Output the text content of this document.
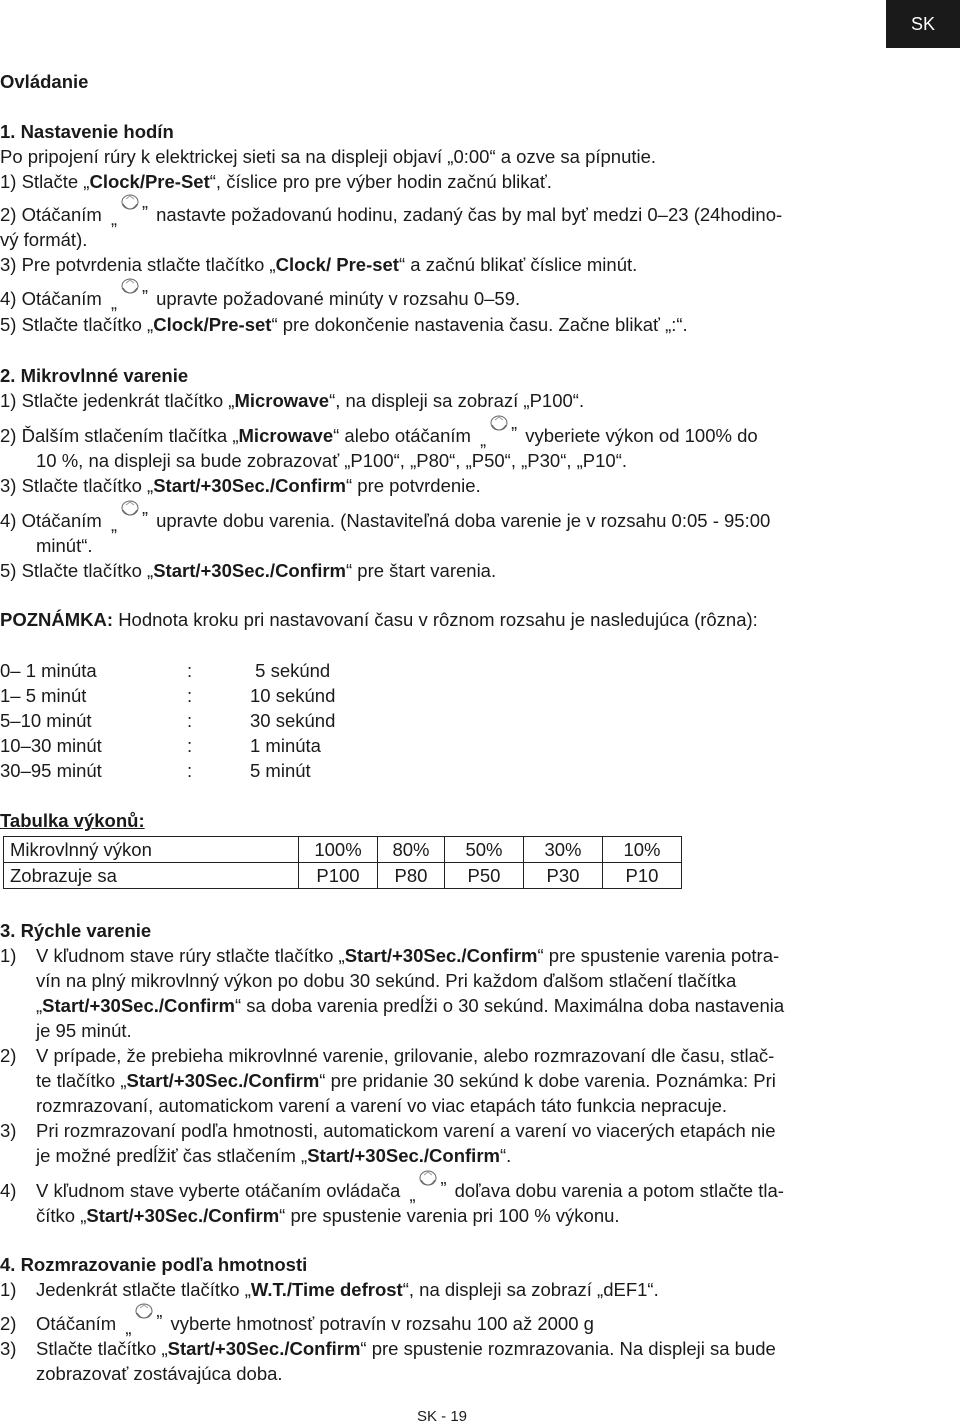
SK
Ovládanie
1. Nastavenie hodín
Po pripojení rúry k elektrickej sieti sa na displeji objaví „0:00“ a ozve sa pípnutie.
1) Stlačte „Clock/Pre-Set“, číslice pro pre výber hodin začnú blikať.
2) Otáčaním „ ” nastavte požadovanú hodinu, zadaný čas by mal byť medzi 0–23 (24hodino-
vý formát).
3) Pre potvrdenia stlačte tlačítko „Clock/ Pre-set“ a začnú blikať číslice minút.
4) Otáčaním „ ” upravte požadované minúty v rozsahu 0–59.
5) Stlačte tlačítko „Clock/Pre-set“ pre dokončenie nastavenia času. Začne blikať „:“.
2. Mikrovlnné varenie
1) Stlačte jedenkrát tlačítko „Microwave“, na displeji sa zobrazí „P100“.
2) Ďalším stlačením tlačítka „Microwave“ alebo otáčaním „ ” vyberiete výkon od 100% do
10 %, na displeji sa bude zobrazovať „P100“, „P80“, „P50“, „P30“, „P10“.
3) Stlačte tlačítko „Start/+30Sec./Confirm“ pre potvrdenie.
4) Otáčaním „ ” upravte dobu varenia. (Nastaviteľná doba varenie je v rozsahu 0:05 - 95:00
minút“.
5) Stlačte tlačítko „Start/+30Sec./Confirm“ pre štart varenia.
POZNÁMKA: Hodnota kroku pri nastavovaní času v rôznom rozsahu je nasledujúca (rôzna):
0– 1 minúta	:	5 sekúnd
1– 5 minút	:	10 sekúnd
5–10 minút	:	30 sekúnd
10–30 minút	:	1 minúta
30–95 minút	:	5 minút
Tabulka výkonů:
Mikrovlnný výkon	100%	80%	50%	30%	10%
Zobrazuje sa	P100	P80	P50	P30	P10
3. Rýchle varenie
1) V kľudnom stave rúry stlačte tlačítko „Start/+30Sec./Confirm“ pre spustenie varenia potra-
vín na plný mikrovlnný výkon po dobu 30 sekúnd. Pri každom ďalšom stlačení tlačítka
„Start/+30Sec./Confirm“ sa doba varenia predĺži o 30 sekúnd. Maximálna doba nastavenia
je 95 minút.
2) V prípade, že prebieha mikrovlnné varenie, grilovanie, alebo rozmrazovaní dle času, stlač-
te tlačítko „Start/+30Sec./Confirm“ pre pridanie 30 sekúnd k dobe varenia. Poznámka: Pri
rozmrazovaní, automatickom varení a varení vo viac etapách táto funkcia nepracuje.
3) Pri rozmrazovaní podľa hmotnosti, automatickom varení a varení vo viacerých etapách nie
je možné predĺžiť čas stlačením „Start/+30Sec./Confirm“.
4) V kľudnom stave vyberte otáčaním ovládača „ ” doľava dobu varenia a potom stlačte tla-
čítko „Start/+30Sec./Confirm“ pre spustenie varenia pri 100 % výkonu.
4. Rozmrazovanie podľa hmotnosti
1) Jedenkrát stlačte tlačítko „W.T./Time defrost“, na displeji sa zobrazí „dEF1“.
2) Otáčaním „ ” vyberte hmotnosť potravín v rozsahu 100 až 2000 g
3) Stlačte tlačítko „Start/+30Sec./Confirm“ pre spustenie rozmrazovania. Na displeji sa bude
zobrazovať zostávajúca doba.
SK - 19
